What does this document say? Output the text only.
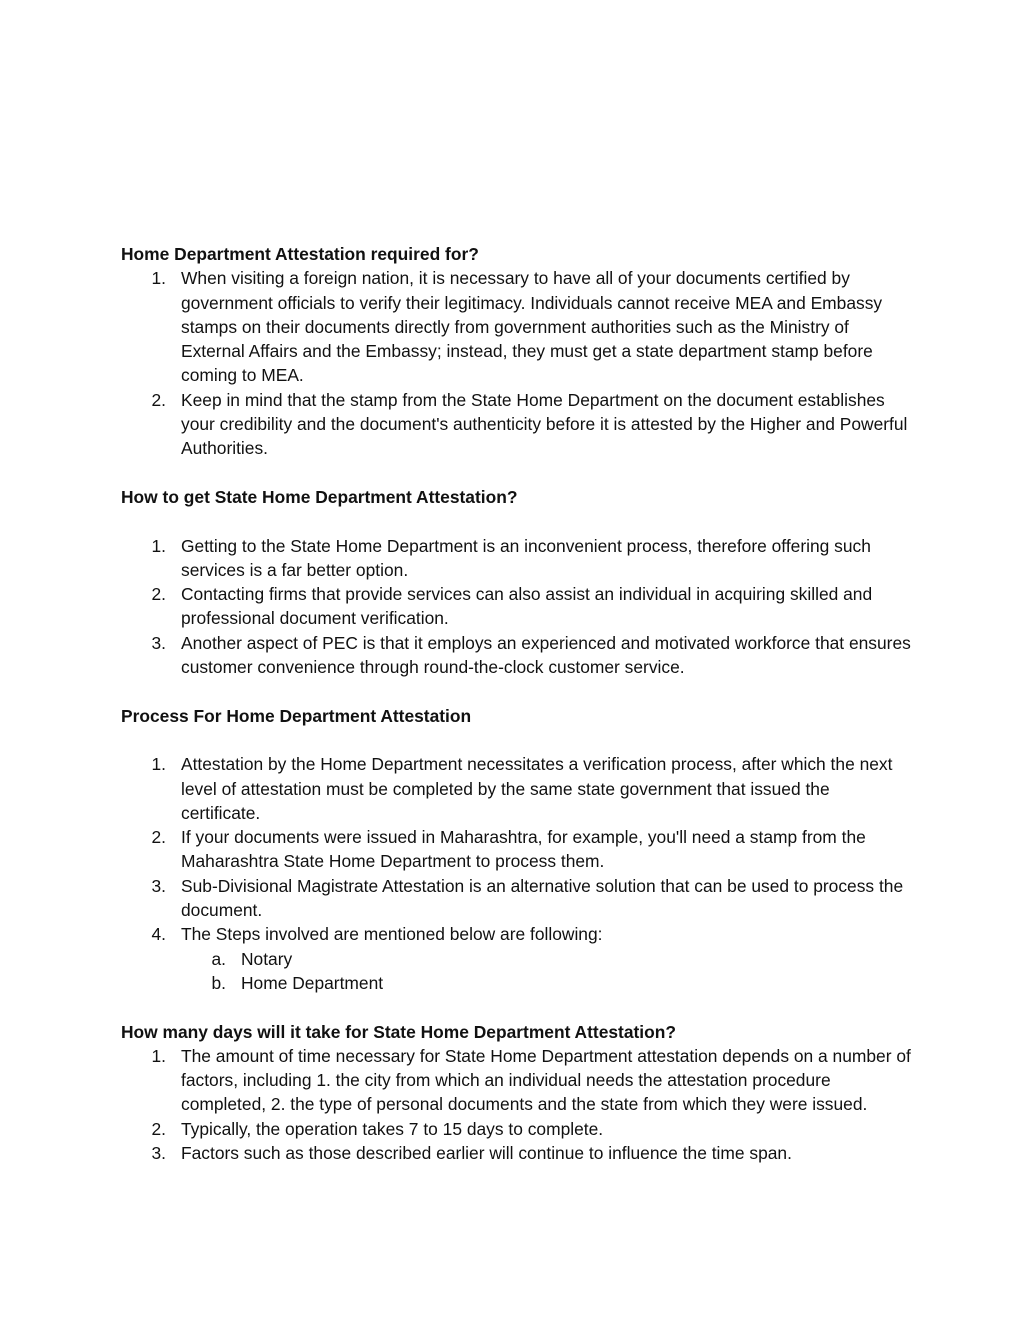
Home Department Attestation required for?

1. When visiting a foreign nation, it is necessary to have all of your documents certified by government officials to verify their legitimacy. Individuals cannot receive MEA and Embassy stamps on their documents directly from government authorities such as the Ministry of External Affairs and the Embassy; instead, they must get a state department stamp before coming to MEA.
2. Keep in mind that the stamp from the State Home Department on the document establishes your credibility and the document's authenticity before it is attested by the Higher and Powerful Authorities.

How to get State Home Department Attestation?

1. Getting to the State Home Department is an inconvenient process, therefore offering such services is a far better option.
2. Contacting firms that provide services can also assist an individual in acquiring skilled and professional document verification.
3. Another aspect of PEC is that it employs an experienced and motivated workforce that ensures customer convenience through round-the-clock customer service.

Process For Home Department Attestation

1. Attestation by the Home Department necessitates a verification process, after which the next level of attestation must be completed by the same state government that issued the certificate.
2. If your documents were issued in Maharashtra, for example, you'll need a stamp from the Maharashtra State Home Department to process them.
3. Sub-Divisional Magistrate Attestation is an alternative solution that can be used to process the document.
4. The Steps involved are mentioned below are following:
a. Notary
b. Home Department

How many days will it take for State Home Department Attestation?

1. The amount of time necessary for State Home Department attestation depends on a number of factors, including 1. the city from which an individual needs the attestation procedure completed, 2. the type of personal documents and the state from which they were issued.
2. Typically, the operation takes 7 to 15 days to complete.
3. Factors such as those described earlier will continue to influence the time span.
